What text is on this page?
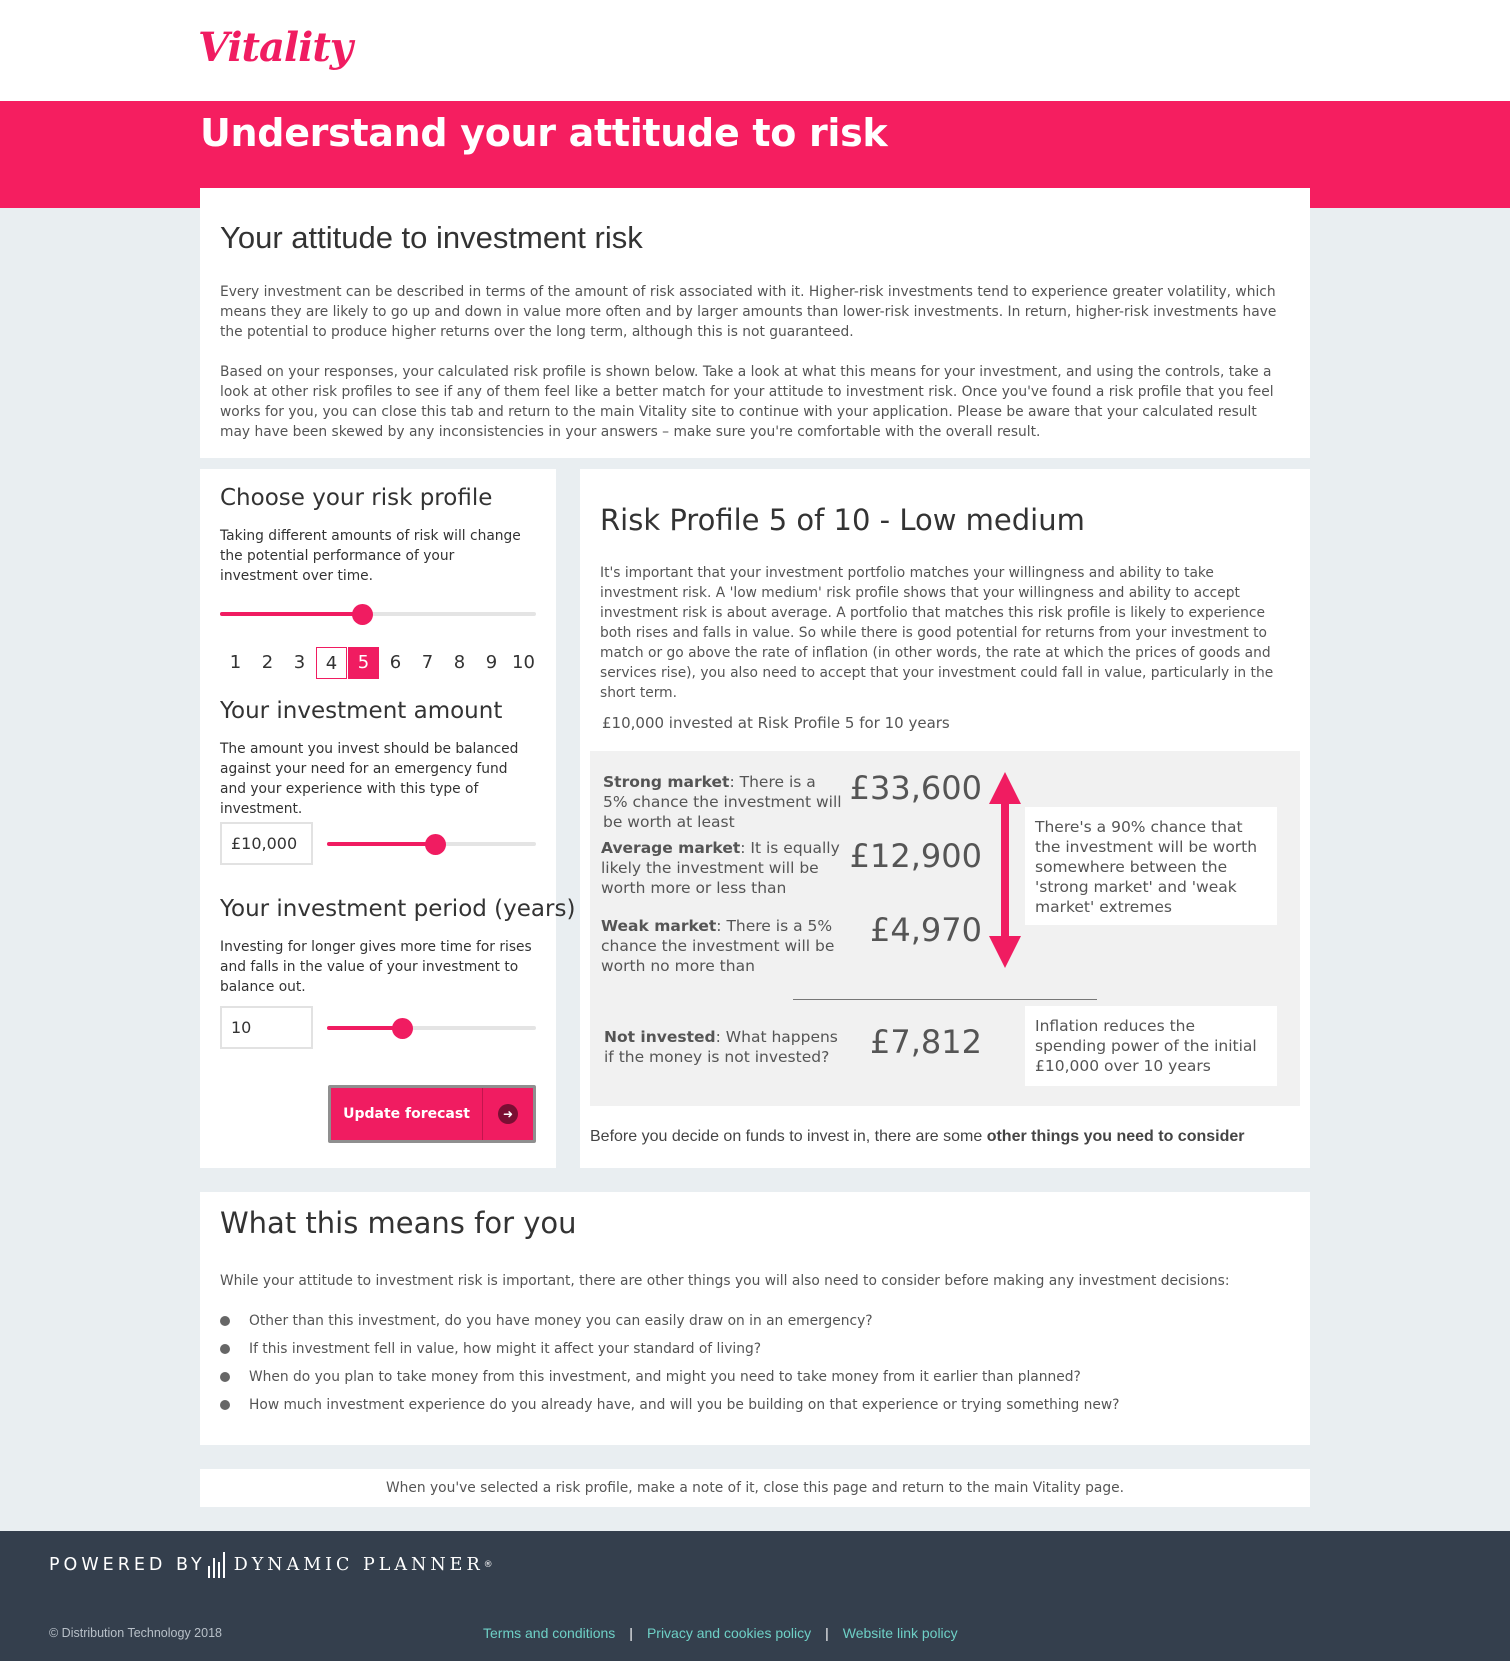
Vitality
Understand your attitude to risk
Your attitude to investment risk

Every investment can be described in terms of the amount of risk associated with it. Higher-risk investments tend to experience greater volatility, which means they are likely to go up and down in value more often and by larger amounts than lower-risk investments. In return, higher-risk investments have the potential to produce higher returns over the long term, although this is not guaranteed.

Based on your responses, your calculated risk profile is shown below. Take a look at what this means for your investment, and using the controls, take a look at other risk profiles to see if any of them feel like a better match for your attitude to investment risk. Once you've found a risk profile that you feel works for you, you can close this tab and return to the main Vitality site to continue with your application. Please be aware that your calculated result may have been skewed by any inconsistencies in your answers – make sure you're comfortable with the overall result.

Choose your risk profile
Taking different amounts of risk will change the potential performance of your investment over time.
1	2	3	4	5	6	7	8	9 10
Your investment amount
The amount you invest should be balanced against your need for an emergency fund and your experience with this type of investment.
£10,000
Your investment period (years)
Investing for longer gives more time for rises and falls in the value of your investment to balance out.
10
Update forecast	➜
Risk Profile 5 of 10 - Low medium
It's important that your investment portfolio matches your willingness and ability to take investment risk. A 'low medium' risk profile shows that your willingness and ability to accept investment risk is about average. A portfolio that matches this risk profile is likely to experience both rises and falls in value. So while there is good potential for returns from your investment to match or go above the rate of inflation (in other words, the rate at which the prices of goods and services rise), you also need to accept that your investment could fall in value, particularly in the short term.
£10,000 invested at Risk Profile 5 for 10 years
Strong market: There is a 5% chance the investment will be worth at least
£33,600
Average market: It is equally likely the investment will be worth more or less than
£12,900
Weak market: There is a 5% chance the investment will be worth no more than
£4,970
There's a 90% chance that the investment will be worth somewhere between the 'strong market' and 'weak market' extremes
Not invested: What happens if the money is not invested?	£7,812	Inflation reduces the spending power of the initial £10,000 over 10 years
Before you decide on funds to invest in, there are some other things you need to consider
What this means for you
While your attitude to investment risk is important, there are other things you will also need to consider before making any investment decisions:
Other than this investment, do you have money you can easily draw on in an emergency?
If this investment fell in value, how might it affect your standard of living?
When do you plan to take money from this investment, and might you need to take money from it earlier than planned?
How much investment experience do you already have, and will you be building on that experience or trying something new?
When you've selected a risk profile, make a note of it, close this page and return to the main Vitality page.
POWERED BY DYNAMIC PLANNER ®
© Distribution Technology 2018	Terms and conditions | Privacy and cookies policy | Website link policy
